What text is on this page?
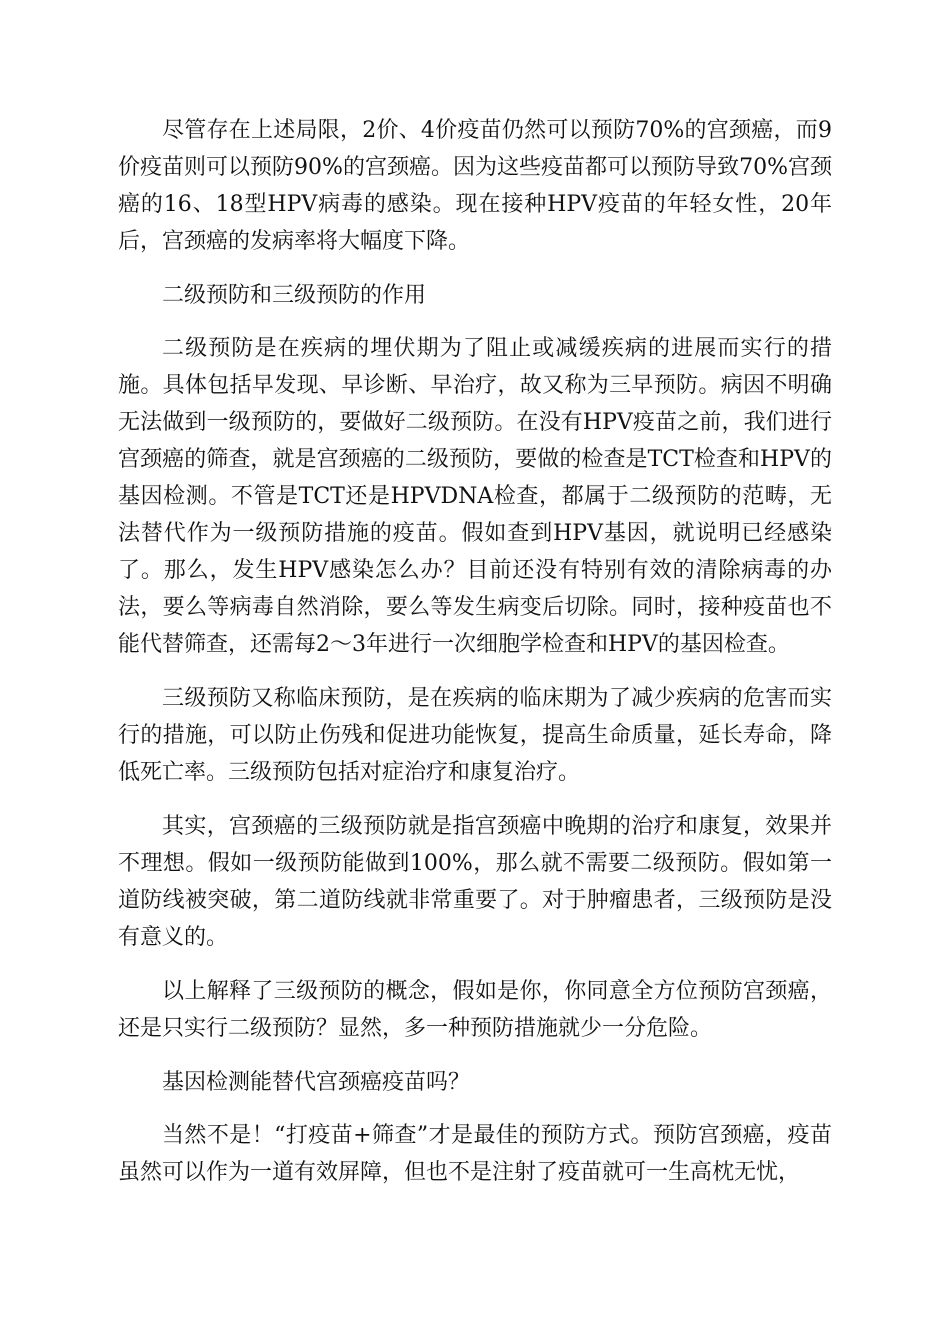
尽管存在上述局限，2价、4价疫苗仍然可以预防70%的宫颈癌，而9价疫苗则可以预防90%的宫颈癌。因为这些疫苗都可以预防导致70%宫颈癌的16、18型HPV病毒的感染。现在接种HPV疫苗的年轻女性，20年后，宫颈癌的发病率将大幅度下降。

二级预防和三级预防的作用

二级预防是在疾病的埋伏期为了阻止或减缓疾病的进展而实行的措施。具体包括早发现、早诊断、早治疗，故又称为三早预防。病因不明确无法做到一级预防的，要做好二级预防。在没有HPV疫苗之前，我们进行宫颈癌的筛查，就是宫颈癌的二级预防，要做的检查是TCT检查和HPV的基因检测。不管是TCT还是HPVDNA检查，都属于二级预防的范畴，无法替代作为一级预防措施的疫苗。假如查到HPV基因，就说明已经感染了。那么，发生HPV感染怎么办？目前还没有特别有效的清除病毒的办法，要么等病毒自然消除，要么等发生病变后切除。同时，接种疫苗也不能代替筛查，还需每2～3年进行一次细胞学检查和HPV的基因检查。

三级预防又称临床预防，是在疾病的临床期为了减少疾病的危害而实行的措施，可以防止伤残和促进功能恢复，提高生命质量，延长寿命，降低死亡率。三级预防包括对症治疗和康复治疗。

其实，宫颈癌的三级预防就是指宫颈癌中晚期的治疗和康复，效果并不理想。假如一级预防能做到100%，那么就不需要二级预防。假如第一道防线被突破，第二道防线就非常重要了。对于肿瘤患者，三级预防是没有意义的。

以上解释了三级预防的概念，假如是你，你同意全方位预防宫颈癌，还是只实行二级预防？显然，多一种预防措施就少一分危险。

基因检测能替代宫颈癌疫苗吗？

当然不是！“打疫苗+筛查”才是最佳的预防方式。预防宫颈癌，疫苗虽然可以作为一道有效屏障，但也不是注射了疫苗就可一生高枕无忧，
